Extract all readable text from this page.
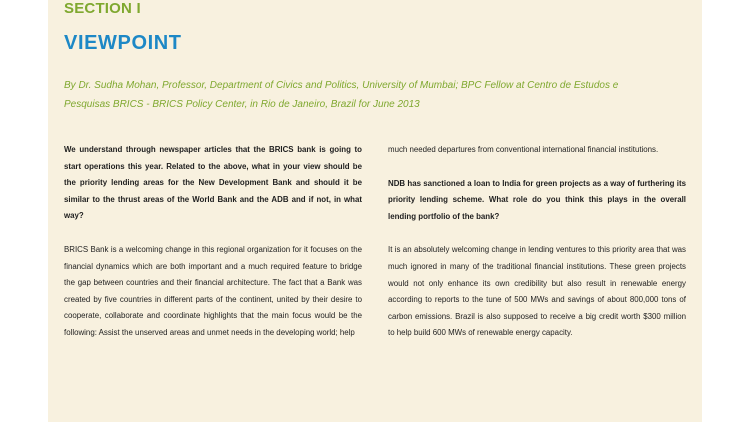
SECTION I
VIEWPOINT
By Dr. Sudha Mohan, Professor, Department of Civics and Politics, University of Mumbai; BPC Fellow at Centro de Estudos e Pesquisas BRICS - BRICS Policy Center, in Rio de Janeiro, Brazil for June 2013

We understand through newspaper articles that the BRICS bank is going to start operations this year. Related to the above, what in your view should be the priority lending areas for the New Development Bank and should it be similar to the thrust areas of the World Bank and the ADB and if not, in what way?

BRICS Bank is a welcoming change in this regional organization for it focuses on the financial dynamics which are both important and a much required feature to bridge the gap between countries and their financial architecture. The fact that a Bank was created by five countries in different parts of the continent, united by their desire to cooperate, collaborate and coordinate highlights that the main focus would be the following: Assist the unserved areas and unmet needs in the developing world; help

much needed departures from conventional international financial institutions.

NDB has sanctioned a loan to India for green projects as a way of furthering its priority lending scheme. What role do you think this plays in the overall lending portfolio of the bank?

It is an absolutely welcoming change in lending ventures to this priority area that was much ignored in many of the traditional financial institutions. These green projects would not only enhance its own credibility but also result in renewable energy according to reports to the tune of 500 MWs and savings of about 800,000 tons of carbon emissions. Brazil is also supposed to receive a big credit worth $300 million to help build 600 MWs of renewable energy capacity.
